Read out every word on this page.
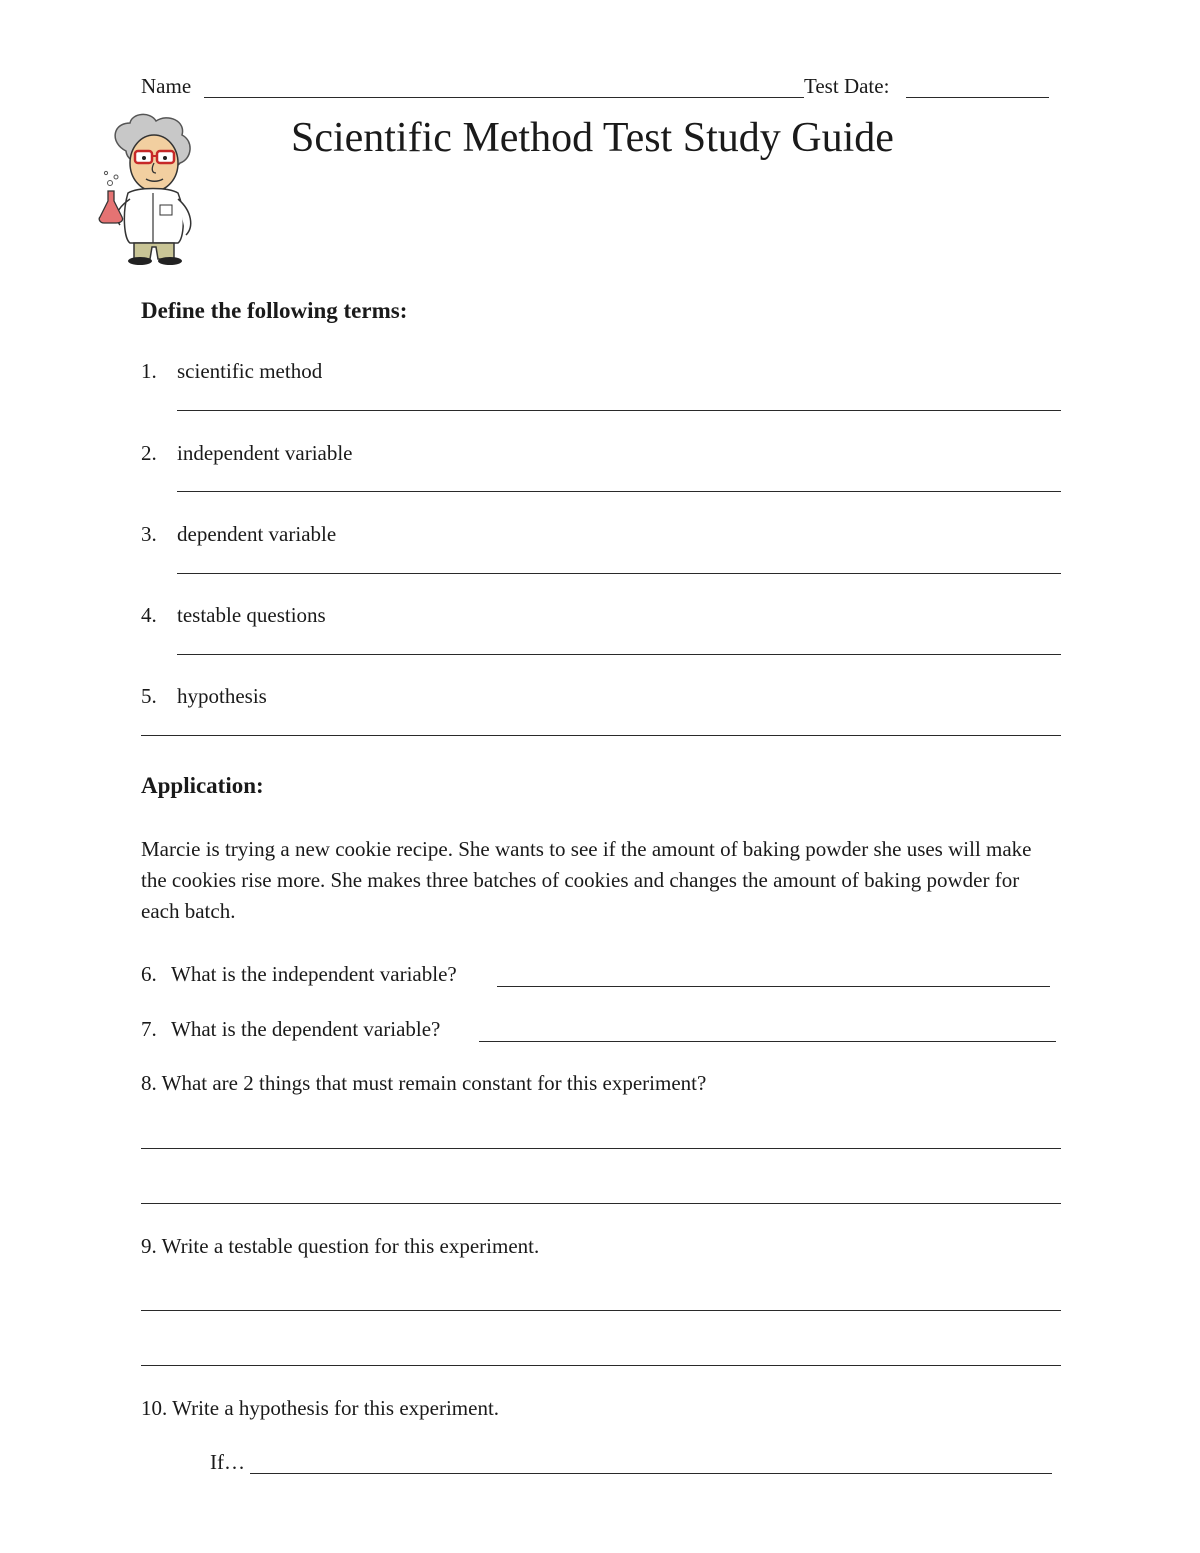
Name	Test Date:
Scientific Method Test Study Guide
Define the following terms:
1. scientific method
2. independent variable
3. dependent variable
4. testable questions
5. hypothesis
Application:
Marcie is trying a new cookie recipe. She wants to see if the amount of baking powder she uses will make the cookies rise more. She makes three batches of cookies and changes the amount of baking powder for each batch.
6. What is the independent variable?
7. What is the dependent variable?
8. What are 2 things that must remain constant for this experiment?
9. Write a testable question for this experiment.
10. Write a hypothesis for this experiment.
If…
